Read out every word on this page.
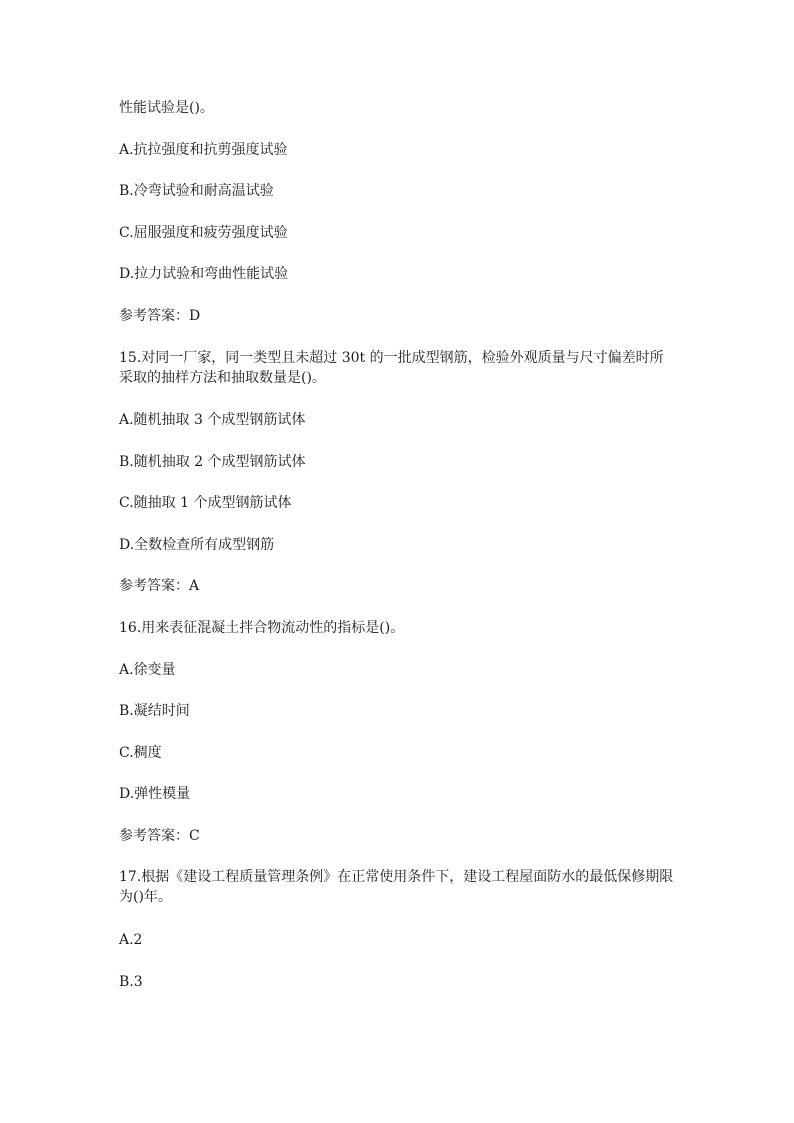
性能试验是()。
A.抗拉强度和抗剪强度试验
B.冷弯试验和耐高温试验
C.屈服强度和疲劳强度试验
D.拉力试验和弯曲性能试验
参考答案：D
15.对同一厂家，同一类型且未超过 30t 的一批成型钢筋，检验外观质量与尺寸偏差时所采取的抽样方法和抽取数量是()。
A.随机抽取 3 个成型钢筋试体
B.随机抽取 2 个成型钢筋试体
C.随抽取 1 个成型钢筋试体
D.全数检查所有成型钢筋
参考答案：A
16.用来表征混凝土拌合物流动性的指标是()。
A.徐变量
B.凝结时间
C.稠度
D.弹性模量
参考答案：C
17.根据《建设工程质量管理条例》在正常使用条件下，建设工程屋面防水的最低保修期限为()年。
A.2
B.3
